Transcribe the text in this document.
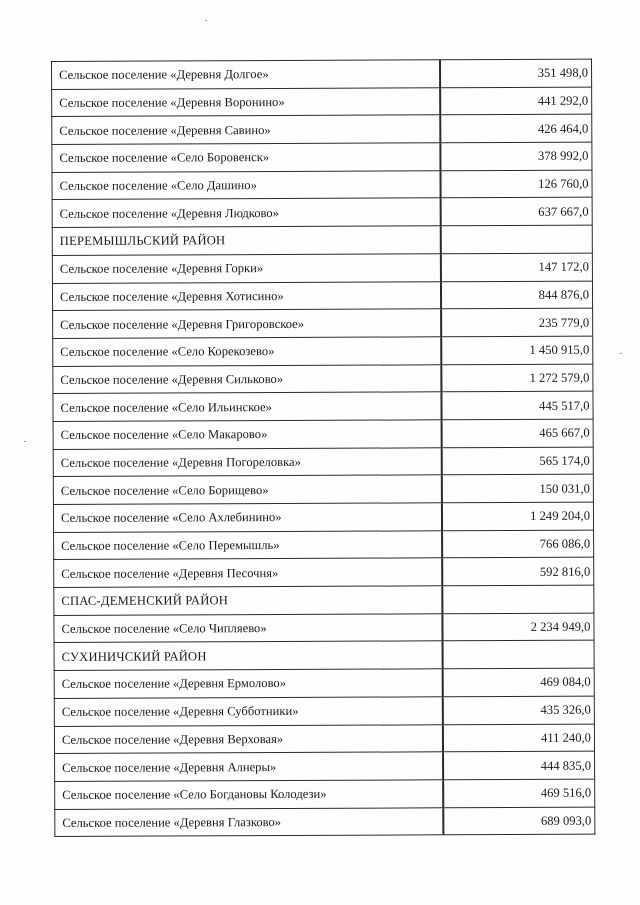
Сельское поселение «Деревня Долгое»	351 498,0
Сельское поселение «Деревня Воронино»	441 292,0
Сельское поселение «Деревня Савино»	426 464,0
Сельское поселение «Село Боровенск»	378 992,0
Сельское поселение «Село Дашино»	126 760,0
Сельское поселение «Деревня Людково»	637 667,0
ПЕРЕМЫШЛЬСКИЙ РАЙОН	
Сельское поселение «Деревня Горки»	147 172,0
Сельское поселение «Деревня Хотисино»	844 876,0
Сельское поселение «Деревня Григоровское»	235 779,0
Сельское поселение «Село Корекозево»	1 450 915,0
Сельское поселение «Деревня Сильково»	1 272 579,0
Сельское поселение «Село Ильинское»	445 517,0
Сельское поселение «Село Макарово»	465 667,0
Сельское поселение «Деревня Погореловка»	565 174,0
Сельское поселение «Село Борищево»	150 031,0
Сельское поселение «Село Ахлебинино»	1 249 204,0
Сельское поселение «Село Перемышль»	766 086,0
Сельское поселение «Деревня Песочня»	592 816,0
СПАС-ДЕМЕНСКИЙ РАЙОН	
Сельское поселение «Село Чипляево»	2 234 949,0
СУХИНИЧСКИЙ РАЙОН	
Сельское поселение «Деревня Ермолово»	469 084,0
Сельское поселение «Деревня Субботники»	435 326,0
Сельское поселение «Деревня Верховая»	411 240,0
Сельское поселение «Деревня Алнеры»	444 835,0
Сельское поселение «Село Богдановы Колодези»	469 516,0
Сельское поселение «Деревня Глазково»	689 093,0
